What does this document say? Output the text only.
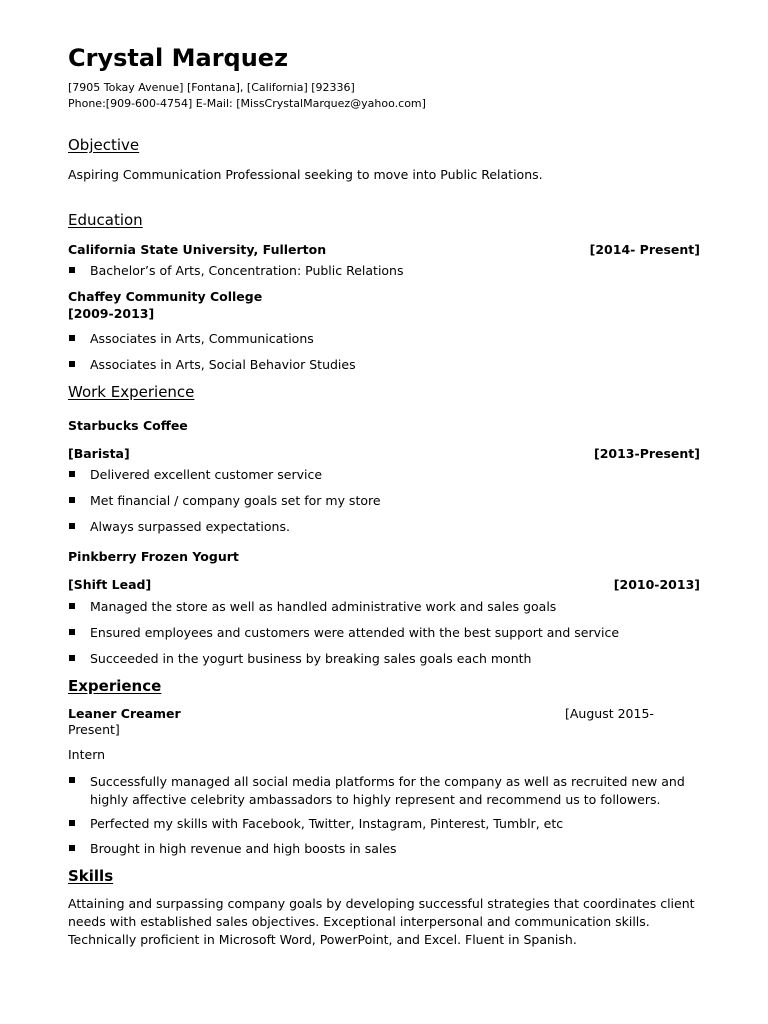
Crystal Marquez
[7905 Tokay Avenue] [Fontana], [California] [92336]
Phone:[909-600-4754] E-Mail: [MissCrystalMarquez@yahoo.com]
Objective
Aspiring Communication Professional seeking to move into Public Relations.
Education
California State University, Fullerton	[2014- Present]
Bachelor’s of Arts, Concentration: Public Relations
Chaffey Community College
[2009-2013]
Associates in Arts, Communications
Associates in Arts, Social Behavior Studies
Work Experience
Starbucks Coffee
[Barista]	[2013-Present]
Delivered excellent customer service
Met financial / company goals set for my store
Always surpassed expectations.
Pinkberry Frozen Yogurt
[Shift Lead]	[2010-2013]
Managed the store as well as handled administrative work and sales goals
Ensured employees and customers were attended with the best support and service
Succeeded in the yogurt business by breaking sales goals each month
Experience
Leaner Creamer	[August 2015-
Present]
Intern
Successfully managed all social media platforms for the company as well as recruited new and highly affective celebrity ambassadors to highly represent and recommend us to followers.
Perfected my skills with Facebook, Twitter, Instagram, Pinterest, Tumblr, etc
Brought in high revenue and high boosts in sales
Skills
Attaining and surpassing company goals by developing successful strategies that coordinates client needs with established sales objectives. Exceptional interpersonal and communication skills. Technically proficient in Microsoft Word, PowerPoint, and Excel. Fluent in Spanish.
